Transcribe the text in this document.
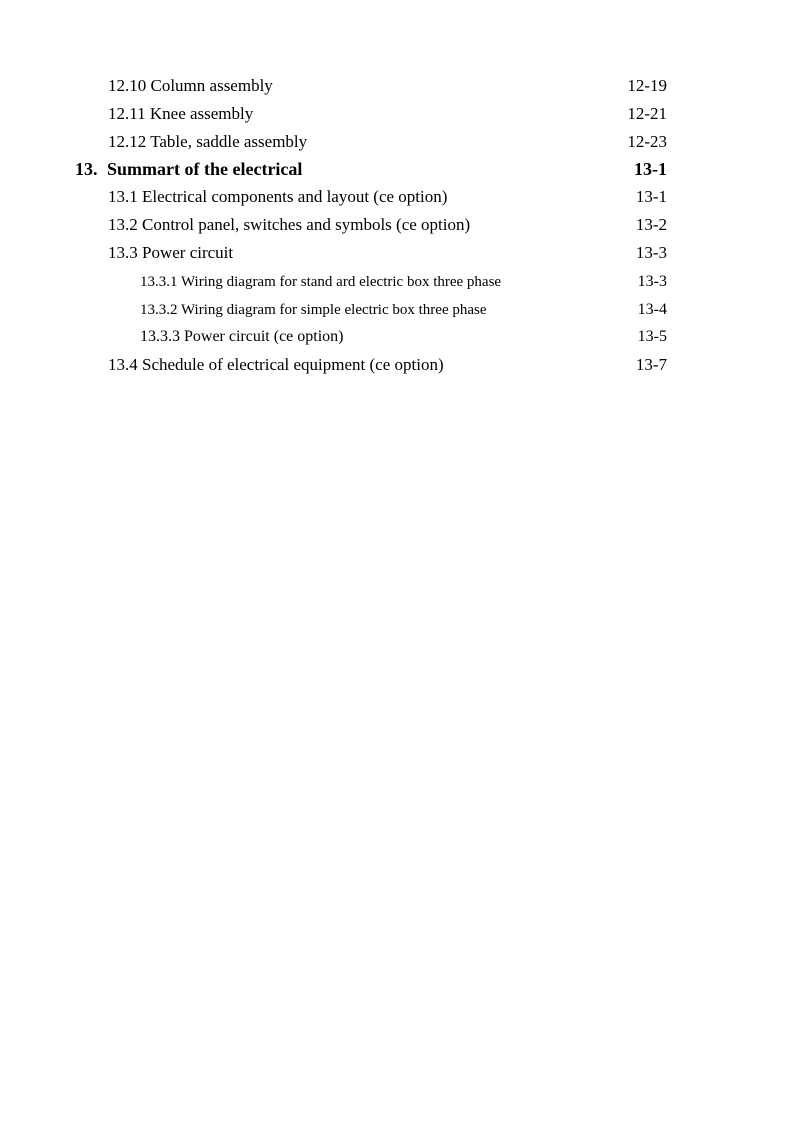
12.10 Column assembly	12-19
12.11 Knee assembly	12-21
12.12 Table, saddle assembly	12-23
13. Summart of the electrical	13-1
13.1 Electrical components and layout (ce option)	13-1
13.2 Control panel, switches and symbols (ce option)	13-2
13.3 Power circuit	13-3
13.3.1 Wiring diagram for stand ard electric box three phase	13-3
13.3.2 Wiring diagram for simple electric box three phase	13-4
13.3.3 Power circuit (ce option)	13-5
13.4 Schedule of electrical equipment (ce option)	13-7
